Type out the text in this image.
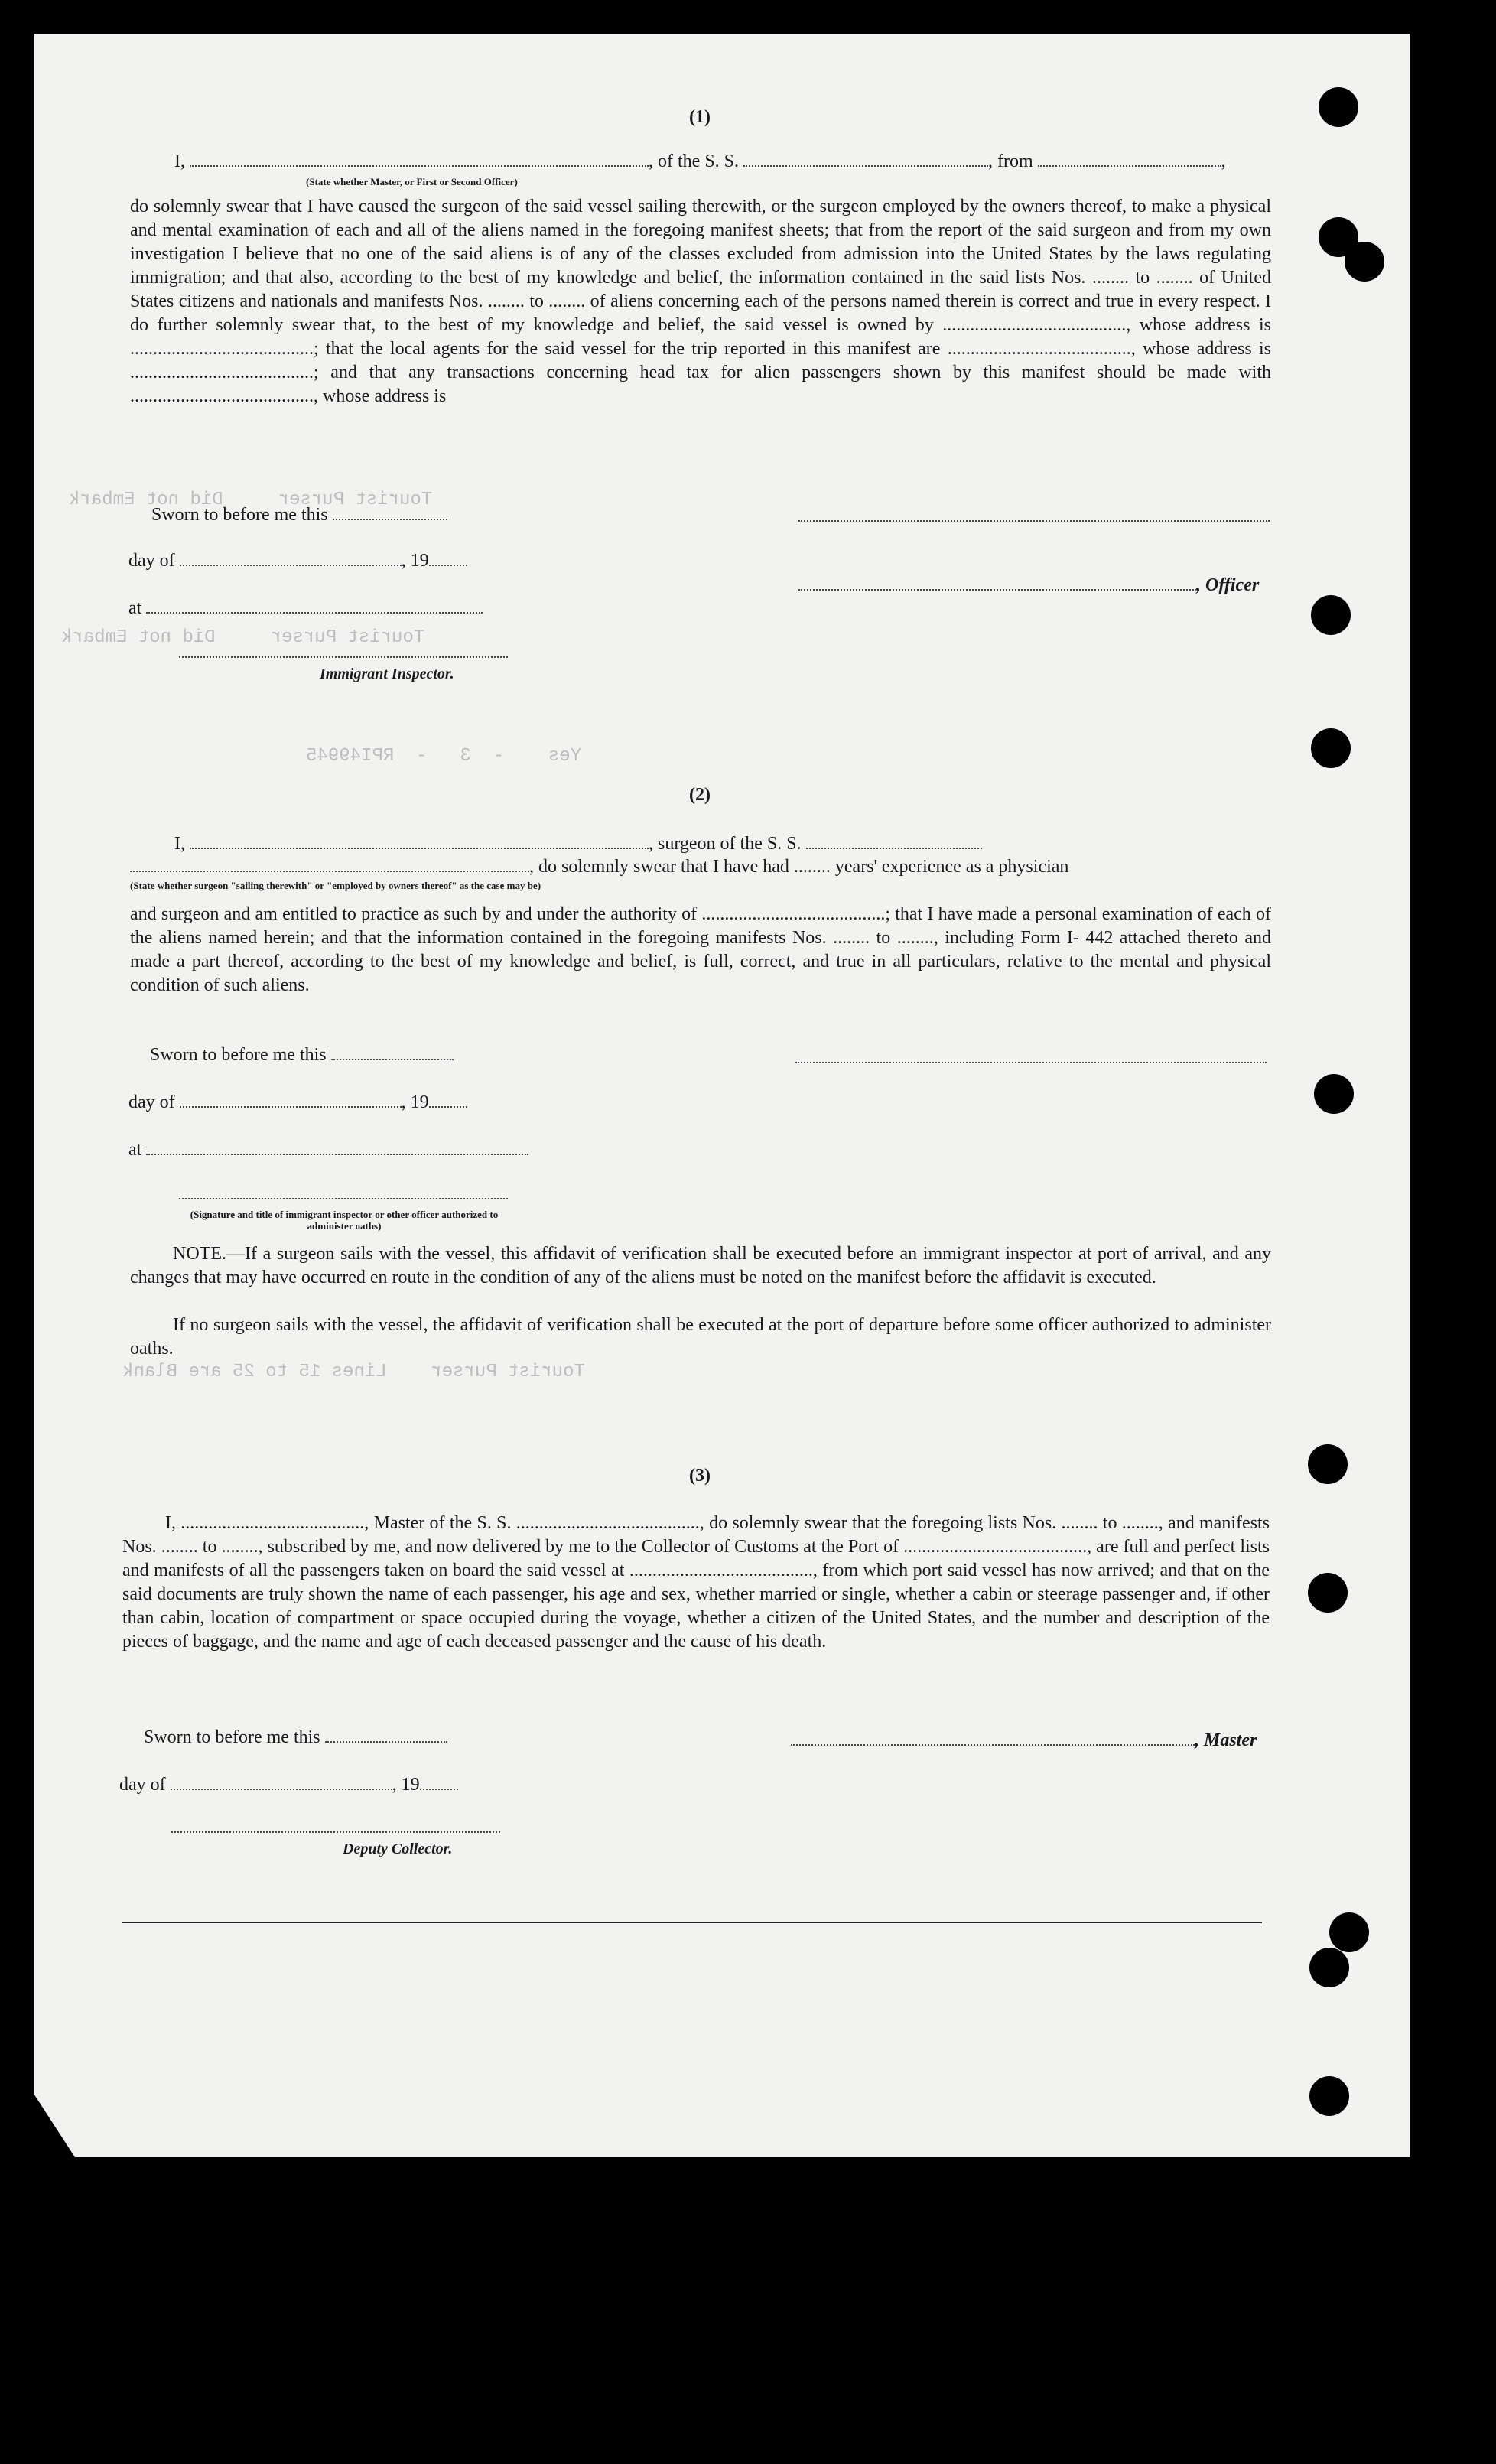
Tourist Purser     Did not Embark
Tourist Purser     Did not Embark
Yes    -  3   -  RPI49945
Tourist Purser    Lines 15 to 25 are Blank
(1)
I,	, of the S. S.	, from	,
(State whether Master, or First or Second Officer)

do solemnly swear that I have caused the surgeon of the said vessel sailing therewith, or the surgeon employed by the owners thereof, to make a physical and mental examination of each and all of the aliens named in the foregoing manifest sheets; that from the report of the said surgeon and from my own investigation I believe that no one of the said aliens is of any of the classes excluded from admission into the United States by the laws regulating immigration; and that also, according to the best of my knowledge and belief, the information contained in the said lists Nos. ........ to ........ of United States citizens and nationals and manifests Nos. ........ to ........ of aliens concerning each of the persons named therein is correct and true in every respect. I do further solemnly swear that, to the best of my knowledge and belief, the said vessel is owned by ........................................, whose address is ........................................; that the local agents for the said vessel for the trip reported in this manifest are ........................................, whose address is ........................................; and that any transactions concerning head tax for alien passengers shown by this manifest should be made with ........................................, whose address is

Sworn to before me this
day of	, 19
, Officer
at
Immigrant Inspector.
(2)
I,	, surgeon of the S. S.
, do solemnly swear that I have had ........ years' experience as a physician
(State whether surgeon "sailing therewith" or "employed by owners thereof" as the case may be)

and surgeon and am entitled to practice as such by and under the authority of ........................................; that I have made a personal examination of each of the aliens named herein; and that the information contained in the foregoing manifests Nos. ........ to ........, including Form I- 442 attached thereto and made a part thereof, according to the best of my knowledge and belief, is full, correct, and true in all particulars, relative to the mental and physical condition of such aliens.

Sworn to before me this
day of	, 19
at
(Signature and title of immigrant inspector or other officer authorized to administer oaths)

NOTE.—If a surgeon sails with the vessel, this affidavit of verification shall be executed before an immigrant inspector at port of arrival, and any changes that may have occurred en route in the condition of any of the aliens must be noted on the manifest before the affidavit is executed.

If no surgeon sails with the vessel, the affidavit of verification shall be executed at the port of departure before some officer authorized to administer oaths.

(3)

I, ........................................, Master of the S. S. ........................................, do solemnly swear that the foregoing lists Nos. ........ to ........, and manifests Nos. ........ to ........, subscribed by me, and now delivered by me to the Collector of Customs at the Port of ........................................, are full and perfect lists and manifests of all the passengers taken on board the said vessel at ........................................, from which port said vessel has now arrived; and that on the said documents are truly shown the name of each passenger, his age and sex, whether married or single, whether a cabin or steerage passenger and, if other than cabin, location of compartment or space occupied during the voyage, whether a citizen of the United States, and the number and description of the pieces of baggage, and the name and age of each deceased passenger and the cause of his death.

Sworn to before me this	, Master
day of	, 19
Deputy Collector.
